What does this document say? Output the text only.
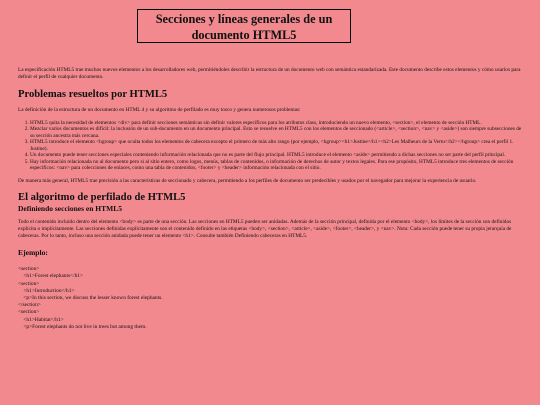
Secciones y líneas generales de un documento HTML5

La especificación HTML5 trae muchos nuevos elementos a los desarrolladores web, permitiéndoles describir la estructura de un documento web con semántica estandarizada. Este documento describe estos elementos y cómo usarlos para definir el perfil de cualquier documento.

Problemas resueltos por HTML5

La definición de la estructura de un documento en HTML 4 y su algoritmo de perfilado es muy tosco y genera numerosos problemas:

1. HTML5 quita la necesidad de elementos <div> para definir secciones semánticas sin definir valores específicos para los atributos class, introduciendo un nuevo elemento, <section>, el elemento de sección HTML.
2. Mezclar varios documentos es difícil: la inclusión de un sub-documento en un documento principal. Esto se resuelve en HTML5 con los elementos de seccionado (<article>, <section>, <nav> y <aside>) son siempre subsecciones de su sección ancestra más cercana.
3. HTML5 introduce el elemento <hgroup> que oculta todos los elementos de cabecera excepto el primero de más alto rango (por ejemplo, <hgroup><h1>Justine</h1><h2>Les Malheurs de la Vertu</h2></hgroup> crea el perfil 1. Justine).
4. Un documento puede tener secciones especiales conteniendo información relacionada que no es parte del flujo principal. HTML5 introduce el elemento <aside> permitiendo a dichas secciones no ser parte del perfil principal.
5. Hay información relacionada no al documento pero si al sitio entero, como logos, menús, tablas de contenidos, o información de derechos de autor y textos legales. Para ese propósito, HTML5 introduce tres elementos de sección específicos: <nav> para colecciones de enlaces, como una tabla de contenidos, <footer> y <header> información relacionada con el sitio.

De manera más general, HTML5 trae precisión a las características de seccionado y cabecera, permitiendo a los perfiles de documento ser predecibles y usados por el navegador para mejorar la experiencia de usuario.

El algoritmo de perfilado de HTML5
Definiendo secciones en HTML5

Todo el contenido incluido dentro del elemento <body> es parte de una sección. Las secciones en HTML5 pueden ser anidadas. Además de la sección principal, definida por el elemento <body>, los límites de la sección son definidos explícita o implícitamente. Las secciones definidas explícitamente son el contenido definido en las etiquetas <body>, <section>, <article>, <aside>, <footer>, <header>, y <nav>. Nota: Cada sección puede tener su propia jerarquía de cabeceras. Por lo tanto, incluso una sección anidada puede tener un elemento <h1>. Consulte también Definiendo cabeceras en HTML5.

Ejemplo:
<section>
<h1>Forest elephants</h1>
<section>
<h1>Introduction</h1>
<p>In this section, we discuss the lesser known forest elephants.
</section>
<section>
<h1>Habitat</h1>
<p>Forest elephants do not live in trees but among them.
